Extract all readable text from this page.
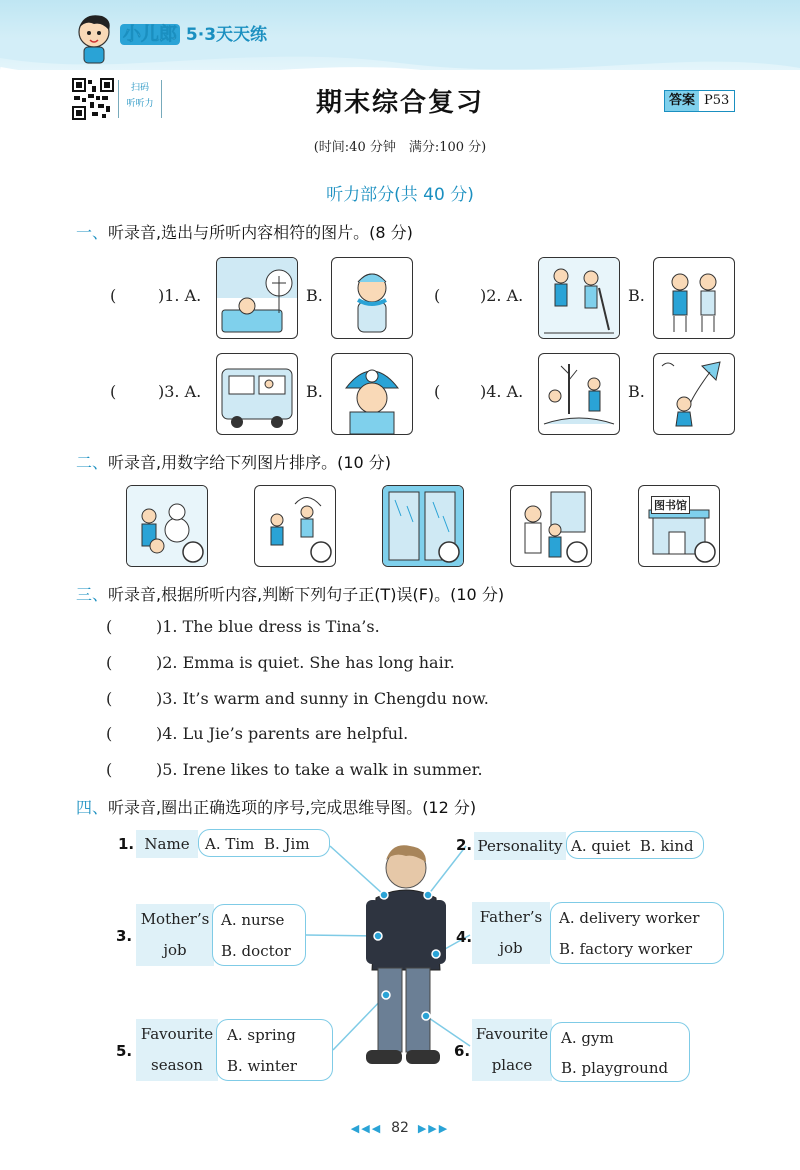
小儿郎 5·3天天练
扫码
听听力	期末综合复习	答案 P53
(时间:40 分钟　满分:100 分)
听力部分(共 40 分)
一、听录音,选出与所听内容相符的图片。(8 分)
(	)1. A.	B.	( )2. A.	B.
(	)3. A.	B.	( )4. A.	B.
二、听录音,用数字给下列图片排序。(10 分)
图书馆
三、听录音,根据所听内容,判断下列句子正(T)误(F)。(10 分)
(	)1. The blue dress is Tina’s.
(	)2. Emma is quiet. She has long hair.
(	)3. It’s warm and sunny in Chengdu now.
(	)4. Lu Jie’s parents are helpful.
(	)5. Irene likes to take a walk in summer.
四、听录音,圈出正确选项的序号,完成思维导图。(12 分)
1. Name	A. Tim B. Jim	2. Personality A. quiet B. kind
3.
Mother’s
job
A. nurse
B. doctor
4.
Father’s
job
A. delivery worker
B. factory worker
5.
Favourite
season
A. spring
B. winter
6.
Favourite
place
A. gym
B. playground
◀◀◀ 82 ▶▶▶
